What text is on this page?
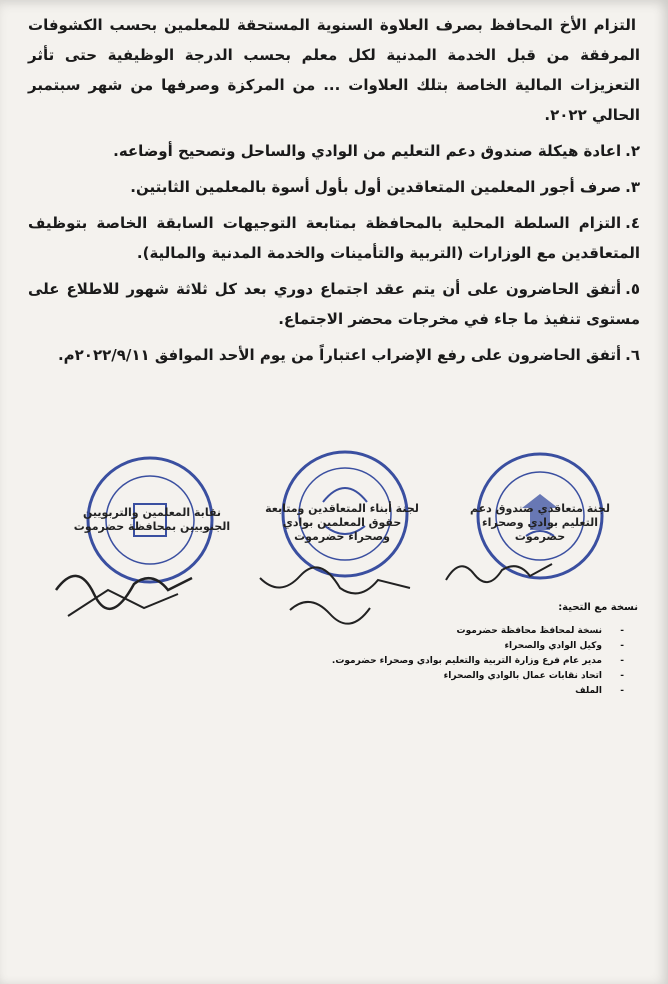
التزام الأخ المحافظ بصرف العلاوة السنوية المستحقة للمعلمين بحسب الكشوفات المرفقة من قبل الخدمة المدنية لكل معلم بحسب الدرجة الوظيفية حتى تأثر التعزيزات المالية الخاصة بتلك العلاوات ... من المركزة وصرفها من شهر سبتمبر الحالي ٢٠٢٢.

٢.اعادة هيكلة صندوق دعم التعليم من الوادي والساحل وتصحيح أوضاعه.

٣.صرف أجور المعلمين المتعاقدين أول بأول أسوة بالمعلمين الثابتين.

٤.التزام السلطة المحلية بالمحافظة بمتابعة التوجيهات السابقة الخاصة بتوظيف المتعاقدين مع الوزارات (التربية والتأمينات والخدمة المدنية والمالية).

٥.أتفق الحاضرون على أن يتم عقد اجتماع دوري بعد كل ثلاثة شهور للاطلاع على مستوى تنفيذ ما جاء في مخرجات محضر الاجتماع.

٦.أتفق الحاضرون على رفع الإضراب اعتباراً من يوم الأحد الموافق ٢٠٢٢/٩/١١م.

لجنة متعاقدي صندوق دعم التعليم بوادي وصحراء حضرموت
لجنة أبناء المتعاقدين ومتابعة حقوق المعلمين بوادي وصحراء حضرموت
نقابة المعلمين والتربويين الجنوبيين بمحافظة حضرموت
نسخة مع التحية:
- نسخة لمحافظ محافظة حضرموت
- وكيل الوادي والصحراء
- مدير عام فرع وزارة التربية والتعليم بوادي وصحراء حضرموت.
- اتحاد نقابات عمال بالوادي والصحراء
- الملف
